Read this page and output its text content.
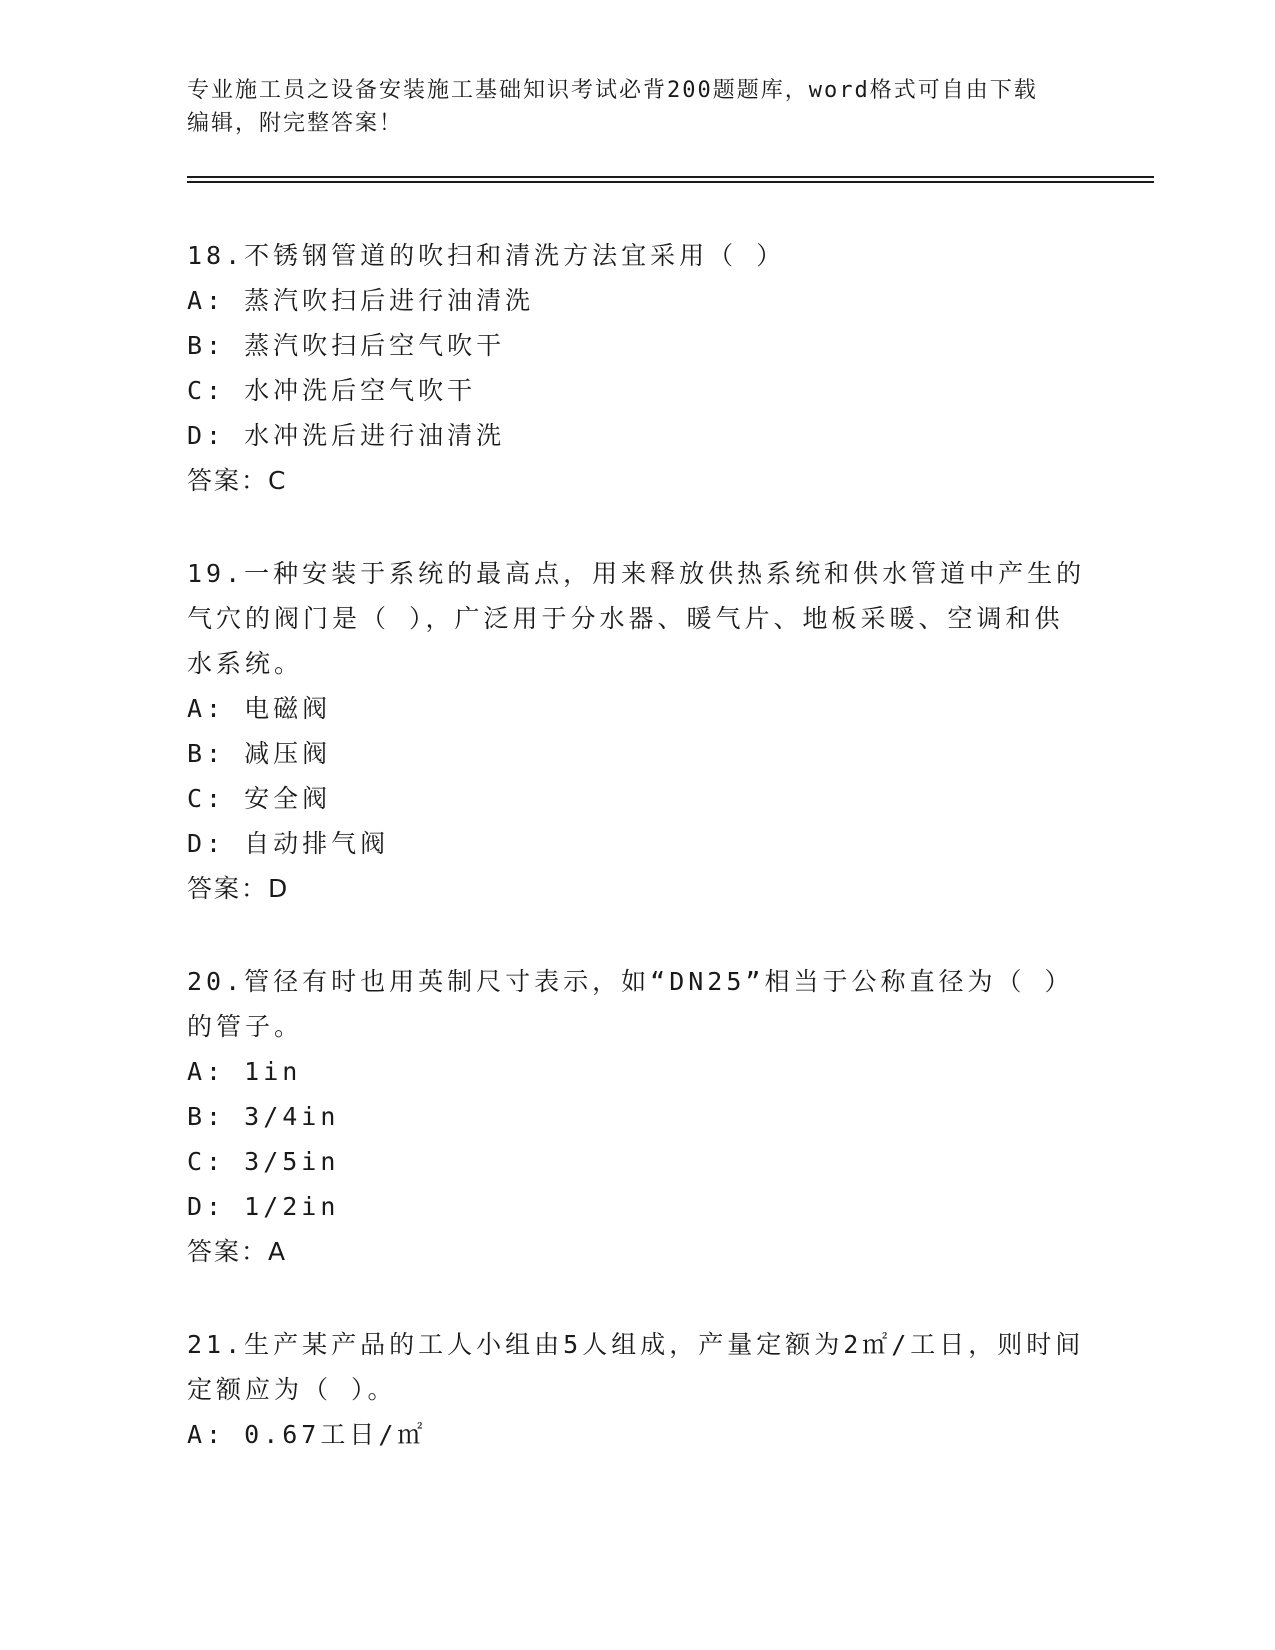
专业施工员之设备安装施工基础知识考试必背200题题库，word格式可自由下载
编辑，附完整答案！

18.不锈钢管道的吹扫和清洗方法宜采用（ ）

A: 蒸汽吹扫后进行油清洗

B: 蒸汽吹扫后空气吹干

C: 水冲洗后空气吹干

D: 水冲洗后进行油清洗

答案：C

19.一种安装于系统的最高点，用来释放供热系统和供水管道中产生的

气穴的阀门是（ ），广泛用于分水器、暖气片、地板采暖、空调和供

水系统。

A: 电磁阀

B: 减压阀

C: 安全阀

D: 自动排气阀

答案：D

20.管径有时也用英制尺寸表示，如“DN25”相当于公称直径为（ ）

的管子。

A: 1in

B: 3/4in

C: 3/5in

D: 1/2in

答案：A

21.生产某产品的工人小组由5人组成，产量定额为2㎡/工日，则时间

定额应为（ ）。

A: 0.67工日/㎡
